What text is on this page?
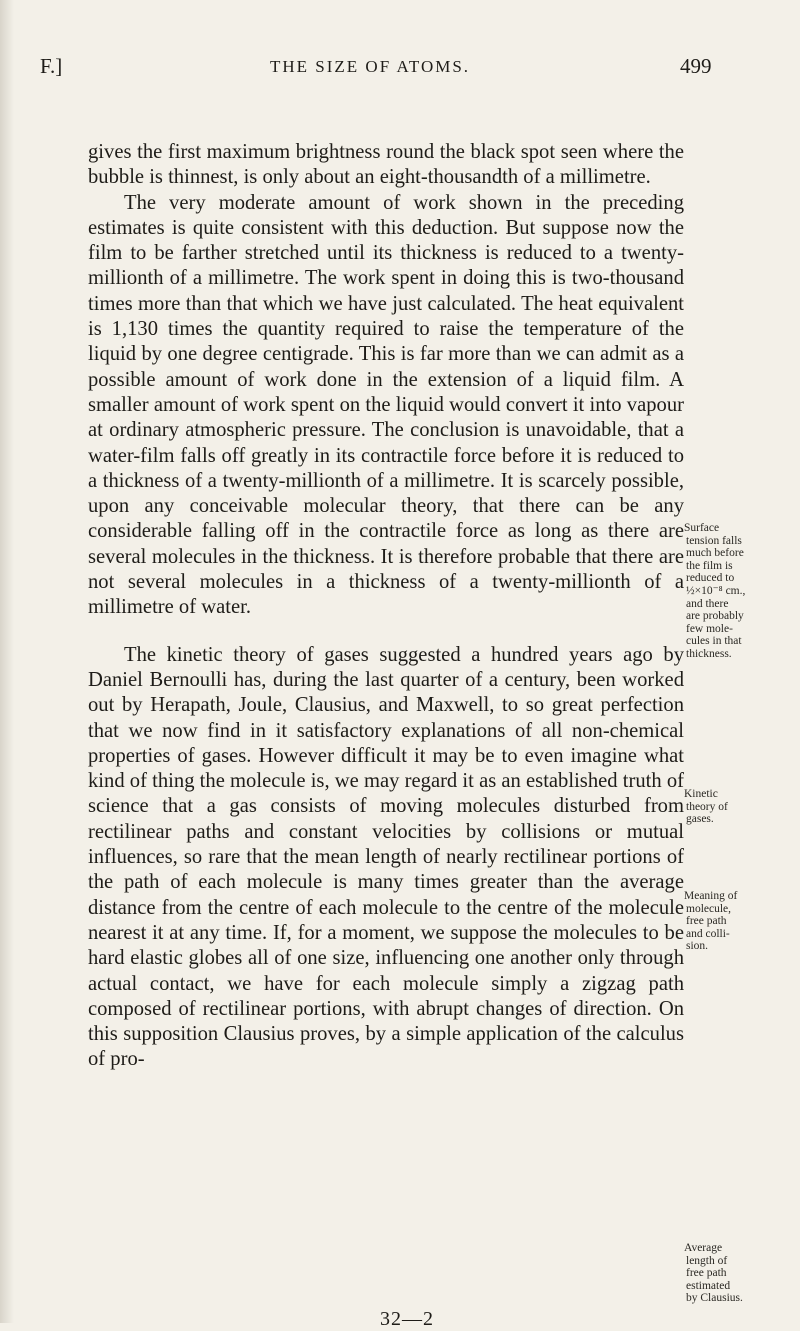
F.]	THE SIZE OF ATOMS.	499

gives the first maximum brightness round the black spot seen where the bubble is thinnest, is only about an eight-thousandth of a millimetre.

The very moderate amount of work shown in the preceding estimates is quite consistent with this deduction. But suppose now the film to be farther stretched until its thickness is reduced to a twenty-millionth of a millimetre. The work spent in doing this is two-thousand times more than that which we have just calculated. The heat equivalent is 1,130 times the quantity required to raise the temperature of the liquid by one degree centigrade. This is far more than we can admit as a possible amount of work done in the extension of a liquid film. A smaller amount of work spent on the liquid would convert it into vapour at ordinary atmospheric pressure. The conclusion is unavoidable, that a water-film falls off greatly in its contractile force before it is reduced to a thickness of a twenty-millionth of a millimetre. It is scarcely possible, upon any conceivable molecular theory, that there can be any considerable falling off in the contractile force as long as there are several molecules in the thickness. It is therefore probable that there are not several molecules in a thickness of a twenty-millionth of a millimetre of water.

The kinetic theory of gases suggested a hundred years ago by Daniel Bernoulli has, during the last quarter of a century, been worked out by Herapath, Joule, Clausius, and Maxwell, to so great perfection that we now find in it satisfactory explanations of all non-chemical properties of gases. However difficult it may be to even imagine what kind of thing the molecule is, we may regard it as an established truth of science that a gas consists of moving molecules disturbed from rectilinear paths and constant velocities by collisions or mutual influences, so rare that the mean length of nearly rectilinear portions of the path of each molecule is many times greater than the average distance from the centre of each molecule to the centre of the molecule nearest it at any time. If, for a moment, we suppose the molecules to be hard elastic globes all of one size, influencing one another only through actual contact, we have for each molecule simply a zigzag path composed of rectilinear portions, with abrupt changes of direction. On this supposition Clausius proves, by a simple application of the calculus of pro-

Surface
tension falls
much before
the film is
reduced to
½×10⁻⁸ cm.,
and there
are probably
few mole-
cules in that
thickness.
Kinetic
theory of
gases.
Meaning of
molecule,
free path
and colli-
sion.
Average
length of
free path
estimated
by Clausius.
32—2
